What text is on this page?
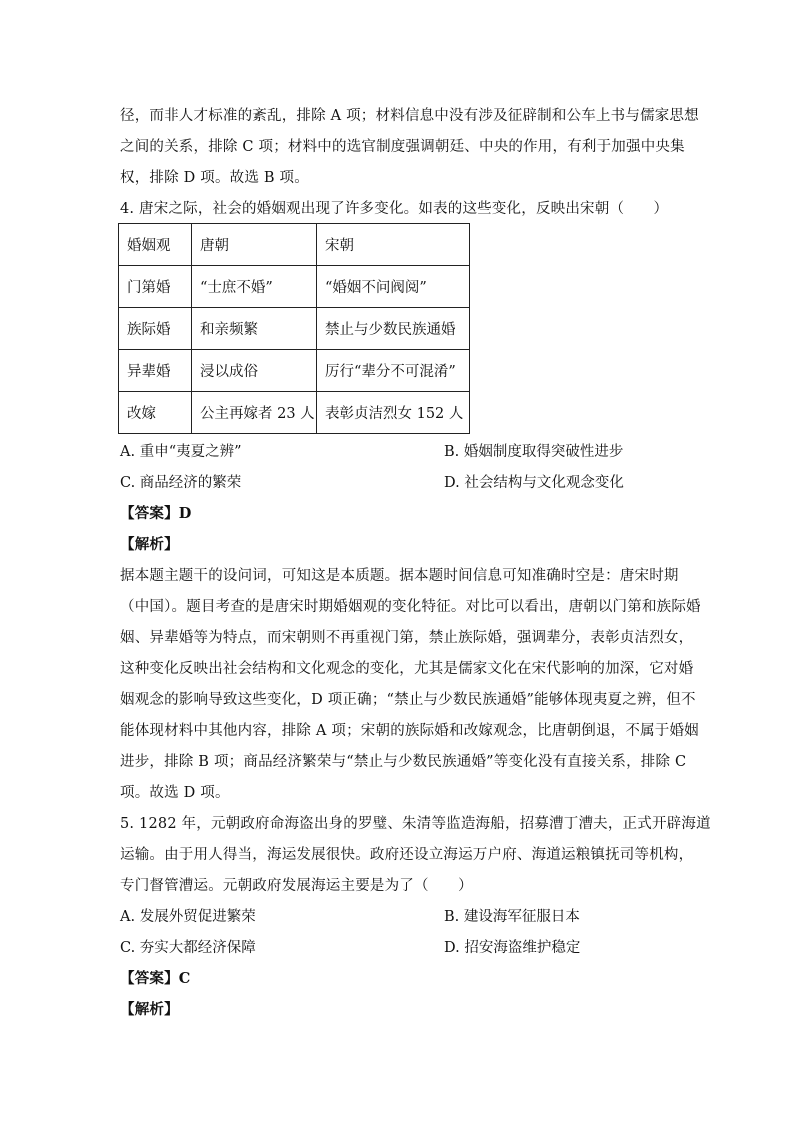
径，而非人才标准的紊乱，排除 A 项；材料信息中没有涉及征辟制和公车上书与儒家思想
之间的关系，排除 C 项；材料中的选官制度强调朝廷、中央的作用，有利于加强中央集
权，排除 D 项。故选 B 项。
4. 唐宋之际，社会的婚姻观出现了许多变化。如表的这些变化，反映出宋朝（　　）
婚姻观	唐朝	宋朝
门第婚	“士庶不婚”	“婚姻不问阀阅”
族际婚	和亲频繁	禁止与少数民族通婚
异辈婚	浸以成俗	厉行“辈分不可混淆”
改嫁	公主再嫁者 23 人	表彰贞洁烈女 152 人
A. 重申“夷夏之辨”	B. 婚姻制度取得突破性进步
C. 商品经济的繁荣	D. 社会结构与文化观念变化
【答案】D
【解析】
据本题主题干的设问词，可知这是本质题。据本题时间信息可知准确时空是：唐宋时期
（中国）。题目考查的是唐宋时期婚姻观的变化特征。对比可以看出，唐朝以门第和族际婚
姻、异辈婚等为特点，而宋朝则不再重视门第，禁止族际婚，强调辈分，表彰贞洁烈女，
这种变化反映出社会结构和文化观念的变化，尤其是儒家文化在宋代影响的加深，它对婚
姻观念的影响导致这些变化，D 项正确；“禁止与少数民族通婚”能够体现夷夏之辨，但不
能体现材料中其他内容，排除 A 项；宋朝的族际婚和改嫁观念，比唐朝倒退，不属于婚姻
进步，排除 B 项；商品经济繁荣与“禁止与少数民族通婚”等变化没有直接关系，排除 C
项。故选 D 项。
5. 1282 年，元朝政府命海盗出身的罗璧、朱清等监造海船，招募漕丁漕夫，正式开辟海道
运输。由于用人得当，海运发展很快。政府还设立海运万户府、海道运粮镇抚司等机构，
专门督管漕运。元朝政府发展海运主要是为了（　　）
A. 发展外贸促进繁荣	B. 建设海军征服日本
C. 夯实大都经济保障	D. 招安海盗维护稳定
【答案】C
【解析】
